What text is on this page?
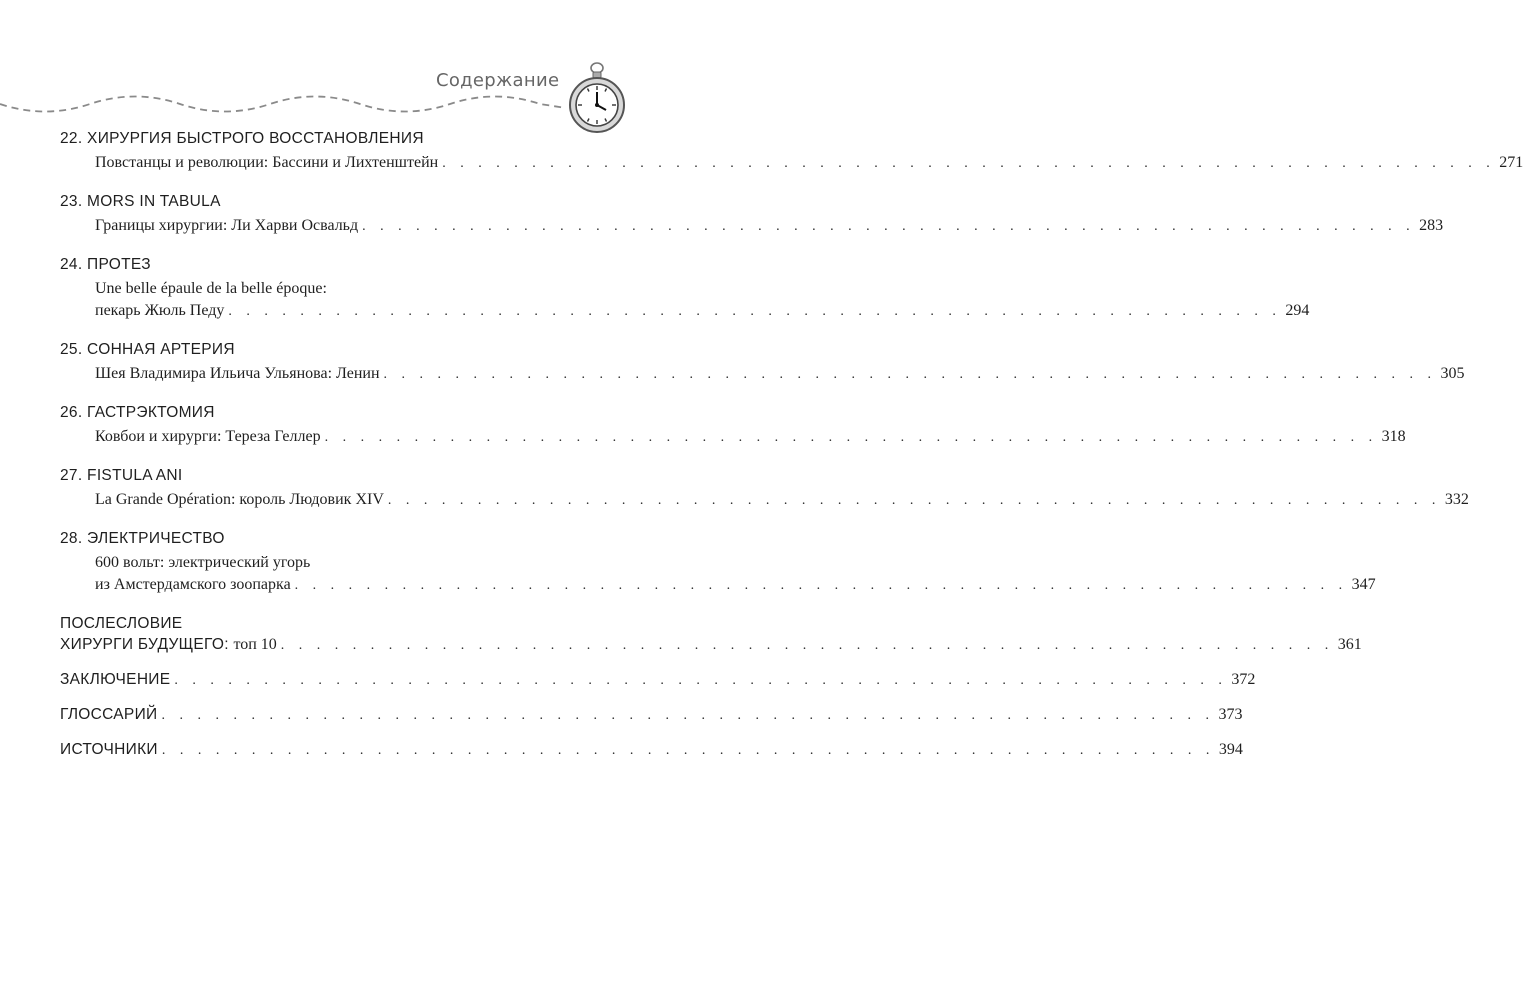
Содержание
22. ХИРУРГИЯ БЫСТРОГО ВОССТАНОВЛЕНИЯ
Повстанцы и революции: Бассини и Лихтенштейн . . . . . . . . . . . . . . . . . . . . . . . . . . . . . . . . . . . . . . . . . . . . . . . . . . . . . . . . . . . 271
23. MORS IN TABULA
Границы хирургии: Ли Харви Освальд . . . . . . . . . . . . . . . . . . . . . . . . . . . . . . . . . . . . . . . . . . . . . . . . . . . . . . . . . . . 283
24. ПРОТЕЗ
Une belle épaule de la belle époque:
пекарь Жюль Педу . . . . . . . . . . . . . . . . . . . . . . . . . . . . . . . . . . . . . . . . . . . . . . . . . . . . . . . . . . . 294
25. СОННАЯ АРТЕРИЯ
Шея Владимира Ильича Ульянова: Ленин . . . . . . . . . . . . . . . . . . . . . . . . . . . . . . . . . . . . . . . . . . . . . . . . . . . . . . . . . . . 305
26. ГАСТРЭКТОМИЯ
Ковбои и хирурги: Тереза Геллер . . . . . . . . . . . . . . . . . . . . . . . . . . . . . . . . . . . . . . . . . . . . . . . . . . . . . . . . . . . 318
27. FISTULA ANI
La Grande Opération: король Людовик XIV . . . . . . . . . . . . . . . . . . . . . . . . . . . . . . . . . . . . . . . . . . . . . . . . . . . . . . . . . . . 332
28. ЭЛЕКТРИЧЕСТВО
600 вольт: электрический угорь
из Амстердамского зоопарка . . . . . . . . . . . . . . . . . . . . . . . . . . . . . . . . . . . . . . . . . . . . . . . . . . . . . . . . . . . 347
ПОСЛЕСЛОВИЕ
ХИРУРГИ БУДУЩЕГО: топ 10 . . . . . . . . . . . . . . . . . . . . . . . . . . . . . . . . . . . . . . . . . . . . . . . . . . . . . . . . . . . 361
ЗАКЛЮЧЕНИЕ . . . . . . . . . . . . . . . . . . . . . . . . . . . . . . . . . . . . . . . . . . . . . . . . . . . . . . . . . . . 372
ГЛОССАРИЙ . . . . . . . . . . . . . . . . . . . . . . . . . . . . . . . . . . . . . . . . . . . . . . . . . . . . . . . . . . . 373
ИСТОЧНИКИ . . . . . . . . . . . . . . . . . . . . . . . . . . . . . . . . . . . . . . . . . . . . . . . . . . . . . . . . . . . 394
